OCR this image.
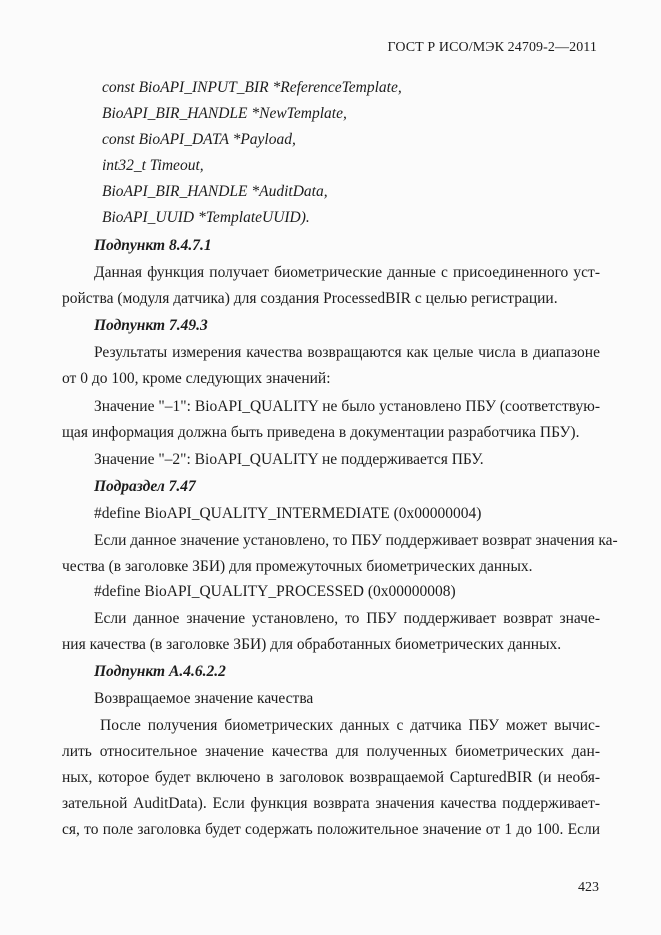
ГОСТ Р ИСО/МЭК 24709-2—2011
const BioAPI_INPUT_BIR *ReferenceTemplate,
BioAPI_BIR_HANDLE *NewTemplate,
const BioAPI_DATA *Payload,
int32_t Timeout,
BioAPI_BIR_HANDLE *AuditData,
BioAPI_UUID *TemplateUUID).
Подпункт 8.4.7.1
Данная функция получает биометрические данные с присоединенного уст-
ройства (модуля датчика) для создания ProcessedBIR с целью регистрации.
Подпункт 7.49.3
Результаты измерения качества возвращаются как целые числа в диапазоне
от 0 до 100, кроме следующих значений:
Значение "–1": BioAPI_QUALITY не было установлено ПБУ (соответствую-
щая информация должна быть приведена в документации разработчика ПБУ).
Значение "–2": BioAPI_QUALITY не поддерживается ПБУ.
Подраздел 7.47
#define BioAPI_QUALITY_INTERMEDIATE (0x00000004)
Если данное значение установлено, то ПБУ поддерживает возврат значения ка-
чества (в заголовке ЗБИ) для промежуточных биометрических данных.
#define BioAPI_QUALITY_PROCESSED (0x00000008)
Если данное значение установлено, то ПБУ поддерживает возврат значе-
ния качества (в заголовке ЗБИ) для обработанных биометрических данных.
Подпункт А.4.6.2.2
Возвращаемое значение качества
После получения биометрических данных с датчика ПБУ может вычис-
лить относительное значение качества для полученных биометрических дан-
ных, которое будет включено в заголовок возвращаемой CapturedBIR (и необя-
зательной AuditData). Если функция возврата значения качества поддерживает-
ся, то поле заголовка будет содержать положительное значение от 1 до 100. Если
423
